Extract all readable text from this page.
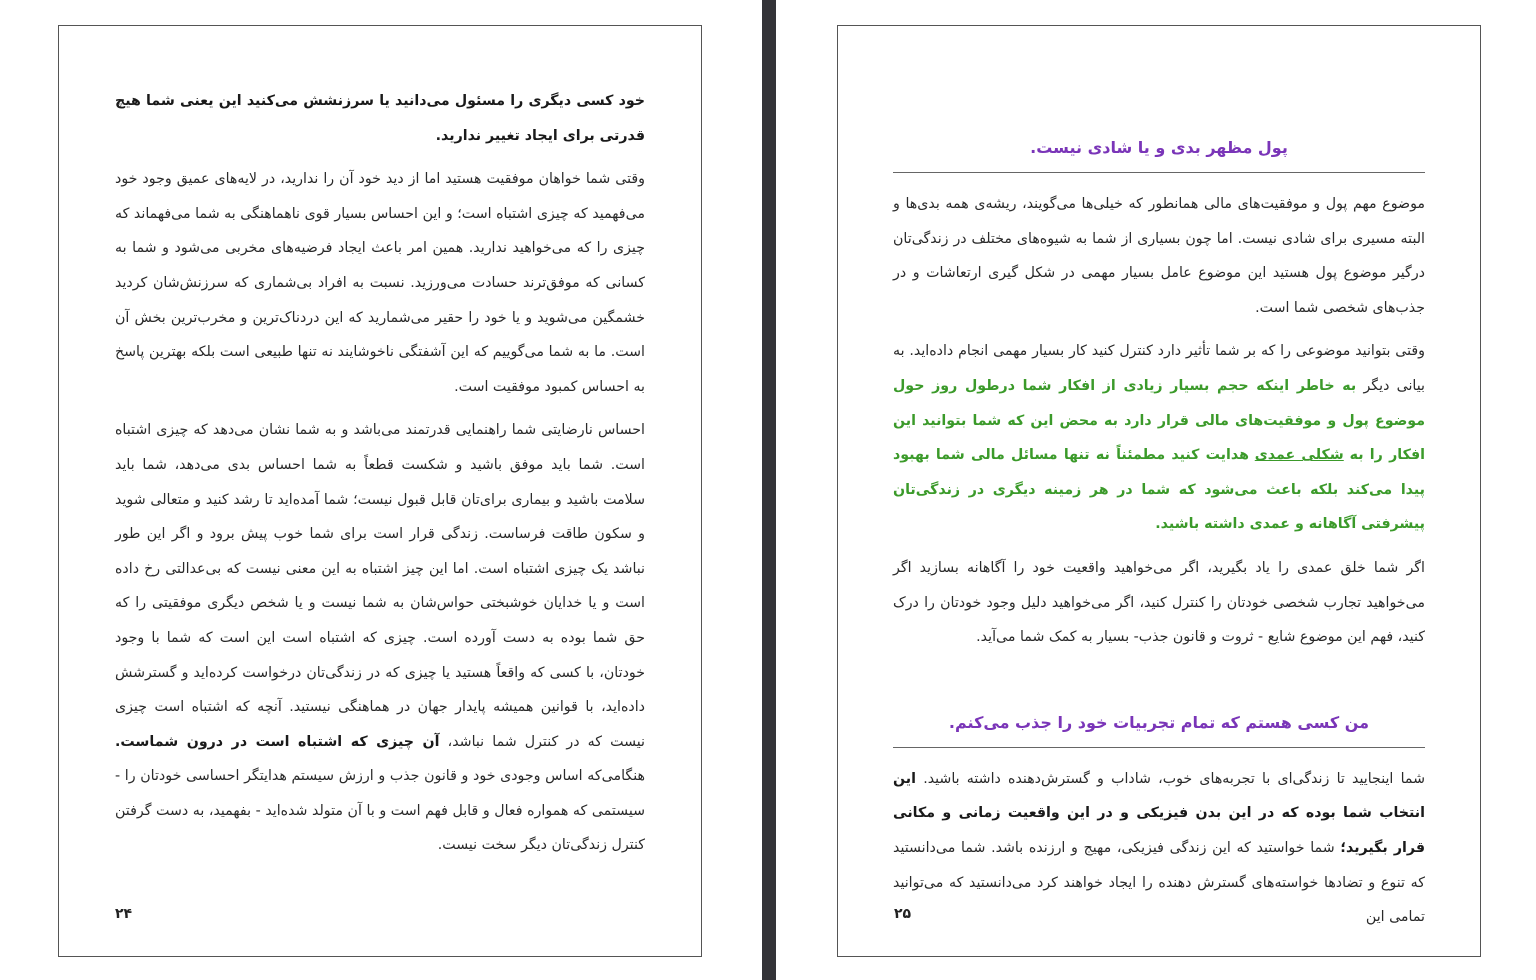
خود کسی دیگری را مسئول می‌دانید یا سرزنشش می‌کنید این یعنی شما هیچ قدرتی برای ایجاد تغییر ندارید.

وقتی شما خواهان موفقیت هستید اما از دید خود آن را ندارید، در لایه‌های عمیق وجود خود می‌فهمید که چیزی اشتباه است؛ و این احساس بسیار قوی ناهماهنگی به شما می‌فهماند که چیزی را که می‌خواهید ندارید. همین امر باعث ایجاد فرضیه‌های مخربی می‌شود و شما به کسانی که موفق‌ترند حسادت می‌ورزید. نسبت به افراد بی‌شماری که سرزنش‌شان کردید خشمگین می‌شوید و یا خود را حقیر می‌شمارید که این دردناک‌ترین و مخرب‌ترین بخش آن است. ما به شما می‌گوییم که این آشفتگی ناخوشایند نه تنها طبیعی است بلکه بهترین پاسخ به احساس کمبود موفقیت است.

احساس نارضایتی شما راهنمایی قدرتمند می‌باشد و به شما نشان می‌دهد که چیزی اشتباه است. شما باید موفق باشید و شکست قطعاً به شما احساس بدی می‌دهد، شما باید سلامت باشید و بیماری برای‌تان قابل قبول نیست؛ شما آمده‌اید تا رشد کنید و متعالی شوید و سکون طاقت فرساست. زندگی قرار است برای شما خوب پیش برود و اگر این طور نباشد یک چیزی اشتباه است. اما این چیز اشتباه به این معنی نیست که بی‌عدالتی رخ داده است و یا خدایان خوشبختی حواس‌شان به شما نیست و یا شخص دیگری موفقیتی را که حق شما بوده به دست آورده است. چیزی که اشتباه است این است که شما با وجود خودتان، با کسی که واقعاً هستید یا چیزی که در زندگی‌تان درخواست کرده‌اید و گسترشش داده‌اید، با قوانین همیشه پایدار جهان در هماهنگی نیستید. آنچه که اشتباه است چیزی نیست که در کنترل شما نباشد، آن چیزی که اشتباه است در درون شماست. هنگامی‌که اساس وجودی خود و قانون جذب و ارزش سیستم هدایتگر احساسی خودتان را - سیستمی که همواره فعال و قابل فهم است و با آن متولد شده‌اید - بفهمید، به دست گرفتن کنترل زندگی‌تان دیگر سخت نیست.

۲۴
پول مظهر بدی و یا شادی نیست.

موضوع مهم پول و موفقیت‌های مالی همانطور که خیلی‌ها می‌گویند، ریشه‌ی همه بدی‌ها و البته مسیری برای شادی نیست. اما چون بسیاری از شما به شیوه‌های مختلف در زندگی‌تان درگیر موضوع پول هستید این موضوع عامل بسیار مهمی در شکل گیری ارتعاشات و در جذب‌های شخصی شما است.

وقتی بتوانید موضوعی را که بر شما تأثیر دارد کنترل کنید کار بسیار مهمی انجام داده‌اید. به بیانی دیگر به خاطر اینکه حجم بسیار زیادی از افکار شما درطول روز حول موضوع پول و موفقیت‌های مالی قرار دارد به محض این که شما بتوانید این افکار را به شکلی عمدی هدایت کنید مطمئناً نه تنها مسائل مالی شما بهبود پیدا می‌کند بلکه باعث می‌شود که شما در هر زمینه دیگری در زندگی‌تان پیشرفتی آگاهانه و عمدی داشته باشید.

اگر شما خلق عمدی را یاد بگیرید، اگر می‌خواهید واقعیت خود را آگاهانه بسازید اگر می‌خواهید تجارب شخصی خودتان را کنترل کنید، اگر می‌خواهید دلیل وجود خودتان را درک کنید، فهم این موضوع شایع - ثروت و قانون جذب- بسیار به کمک شما می‌آید.

من کسی هستم که تمام تجربیات خود را جذب می‌کنم.

شما اینجایید تا زندگی‌ای با تجربه‌های خوب، شاداب و گسترش‌دهنده داشته باشید. این انتخاب شما بوده که در این بدن فیزیکی و در این واقعیت زمانی و مکانی قرار بگیرید؛ شما خواستید که این زندگی فیزیکی، مهیج و ارزنده باشد. شما می‌دانستید که تنوع و تضادها خواسته‌های گسترش دهنده را ایجاد خواهند کرد می‌دانستید که می‌توانید تمامی این

۲۵
